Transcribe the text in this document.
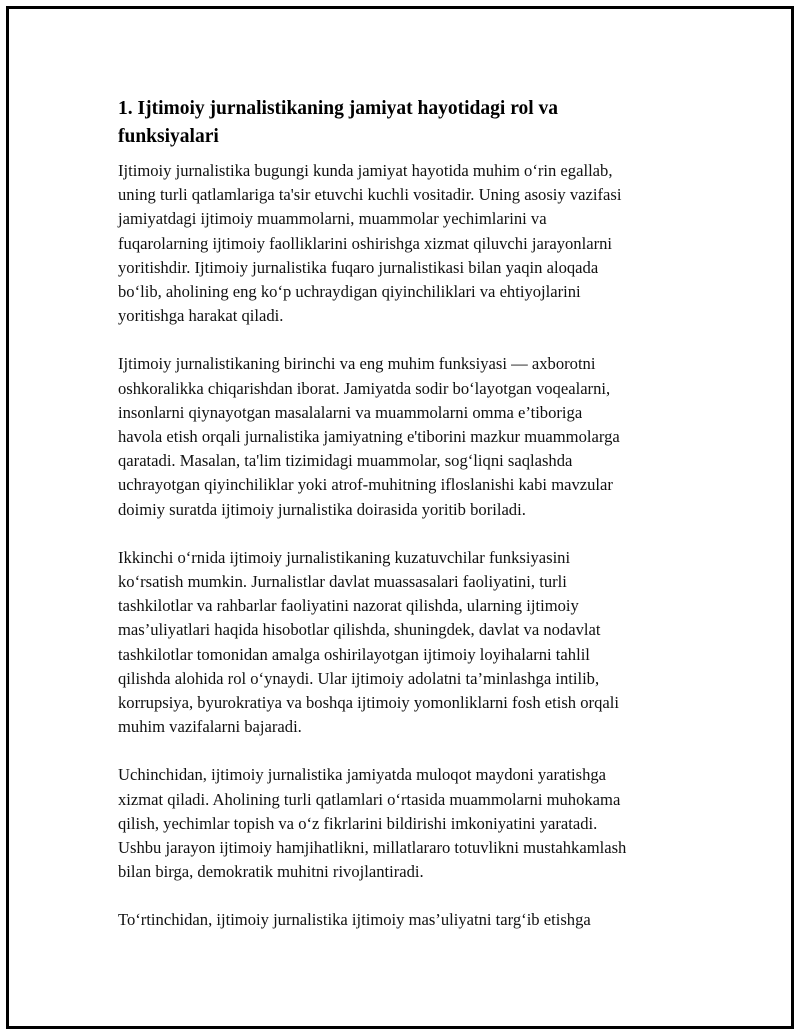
1. Ijtimoiy jurnalistikaning jamiyat hayotidagi rol va
funksiyalari

Ijtimoiy jurnalistika bugungi kunda jamiyat hayotida muhim o‘rin egallab,
uning turli qatlamlariga ta'sir etuvchi kuchli vositadir. Uning asosiy vazifasi
jamiyatdagi ijtimoiy muammolarni, muammolar yechimlarini va
fuqarolarning ijtimoiy faolliklarini oshirishga xizmat qiluvchi jarayonlarni
yoritishdir. Ijtimoiy jurnalistika fuqaro jurnalistikasi bilan yaqin aloqada
bo‘lib, aholining eng ko‘p uchraydigan qiyinchiliklari va ehtiyojlarini
yoritishga harakat qiladi.

Ijtimoiy jurnalistikaning birinchi va eng muhim funksiyasi — axborotni
oshkoralikka chiqarishdan iborat. Jamiyatda sodir bo‘layotgan voqealarni,
insonlarni qiynayotgan masalalarni va muammolarni omma e’tiboriga
havola etish orqali jurnalistika jamiyatning e'tiborini mazkur muammolarga
qaratadi. Masalan, ta'lim tizimidagi muammolar, sog‘liqni saqlashda
uchrayotgan qiyinchiliklar yoki atrof-muhitning ifloslanishi kabi mavzular
doimiy suratda ijtimoiy jurnalistika doirasida yoritib boriladi.

Ikkinchi o‘rnida ijtimoiy jurnalistikaning kuzatuvchilar funksiyasini
ko‘rsatish mumkin. Jurnalistlar davlat muassasalari faoliyatini, turli
tashkilotlar va rahbarlar faoliyatini nazorat qilishda, ularning ijtimoiy
mas’uliyatlari haqida hisobotlar qilishda, shuningdek, davlat va nodavlat
tashkilotlar tomonidan amalga oshirilayotgan ijtimoiy loyihalarni tahlil
qilishda alohida rol o‘ynaydi. Ular ijtimoiy adolatni ta’minlashga intilib,
korrupsiya, byurokratiya va boshqa ijtimoiy yomonliklarni fosh etish orqali
muhim vazifalarni bajaradi.

Uchinchidan, ijtimoiy jurnalistika jamiyatda muloqot maydoni yaratishga
xizmat qiladi. Aholining turli qatlamlari o‘rtasida muammolarni muhokama
qilish, yechimlar topish va o‘z fikrlarini bildirishi imkoniyatini yaratadi.
Ushbu jarayon ijtimoiy hamjihatlikni, millatlararo totuvlikni mustahkamlash
bilan birga, demokratik muhitni rivojlantiradi.

To‘rtinchidan, ijtimoiy jurnalistika ijtimoiy mas’uliyatni targ‘ib etishga
